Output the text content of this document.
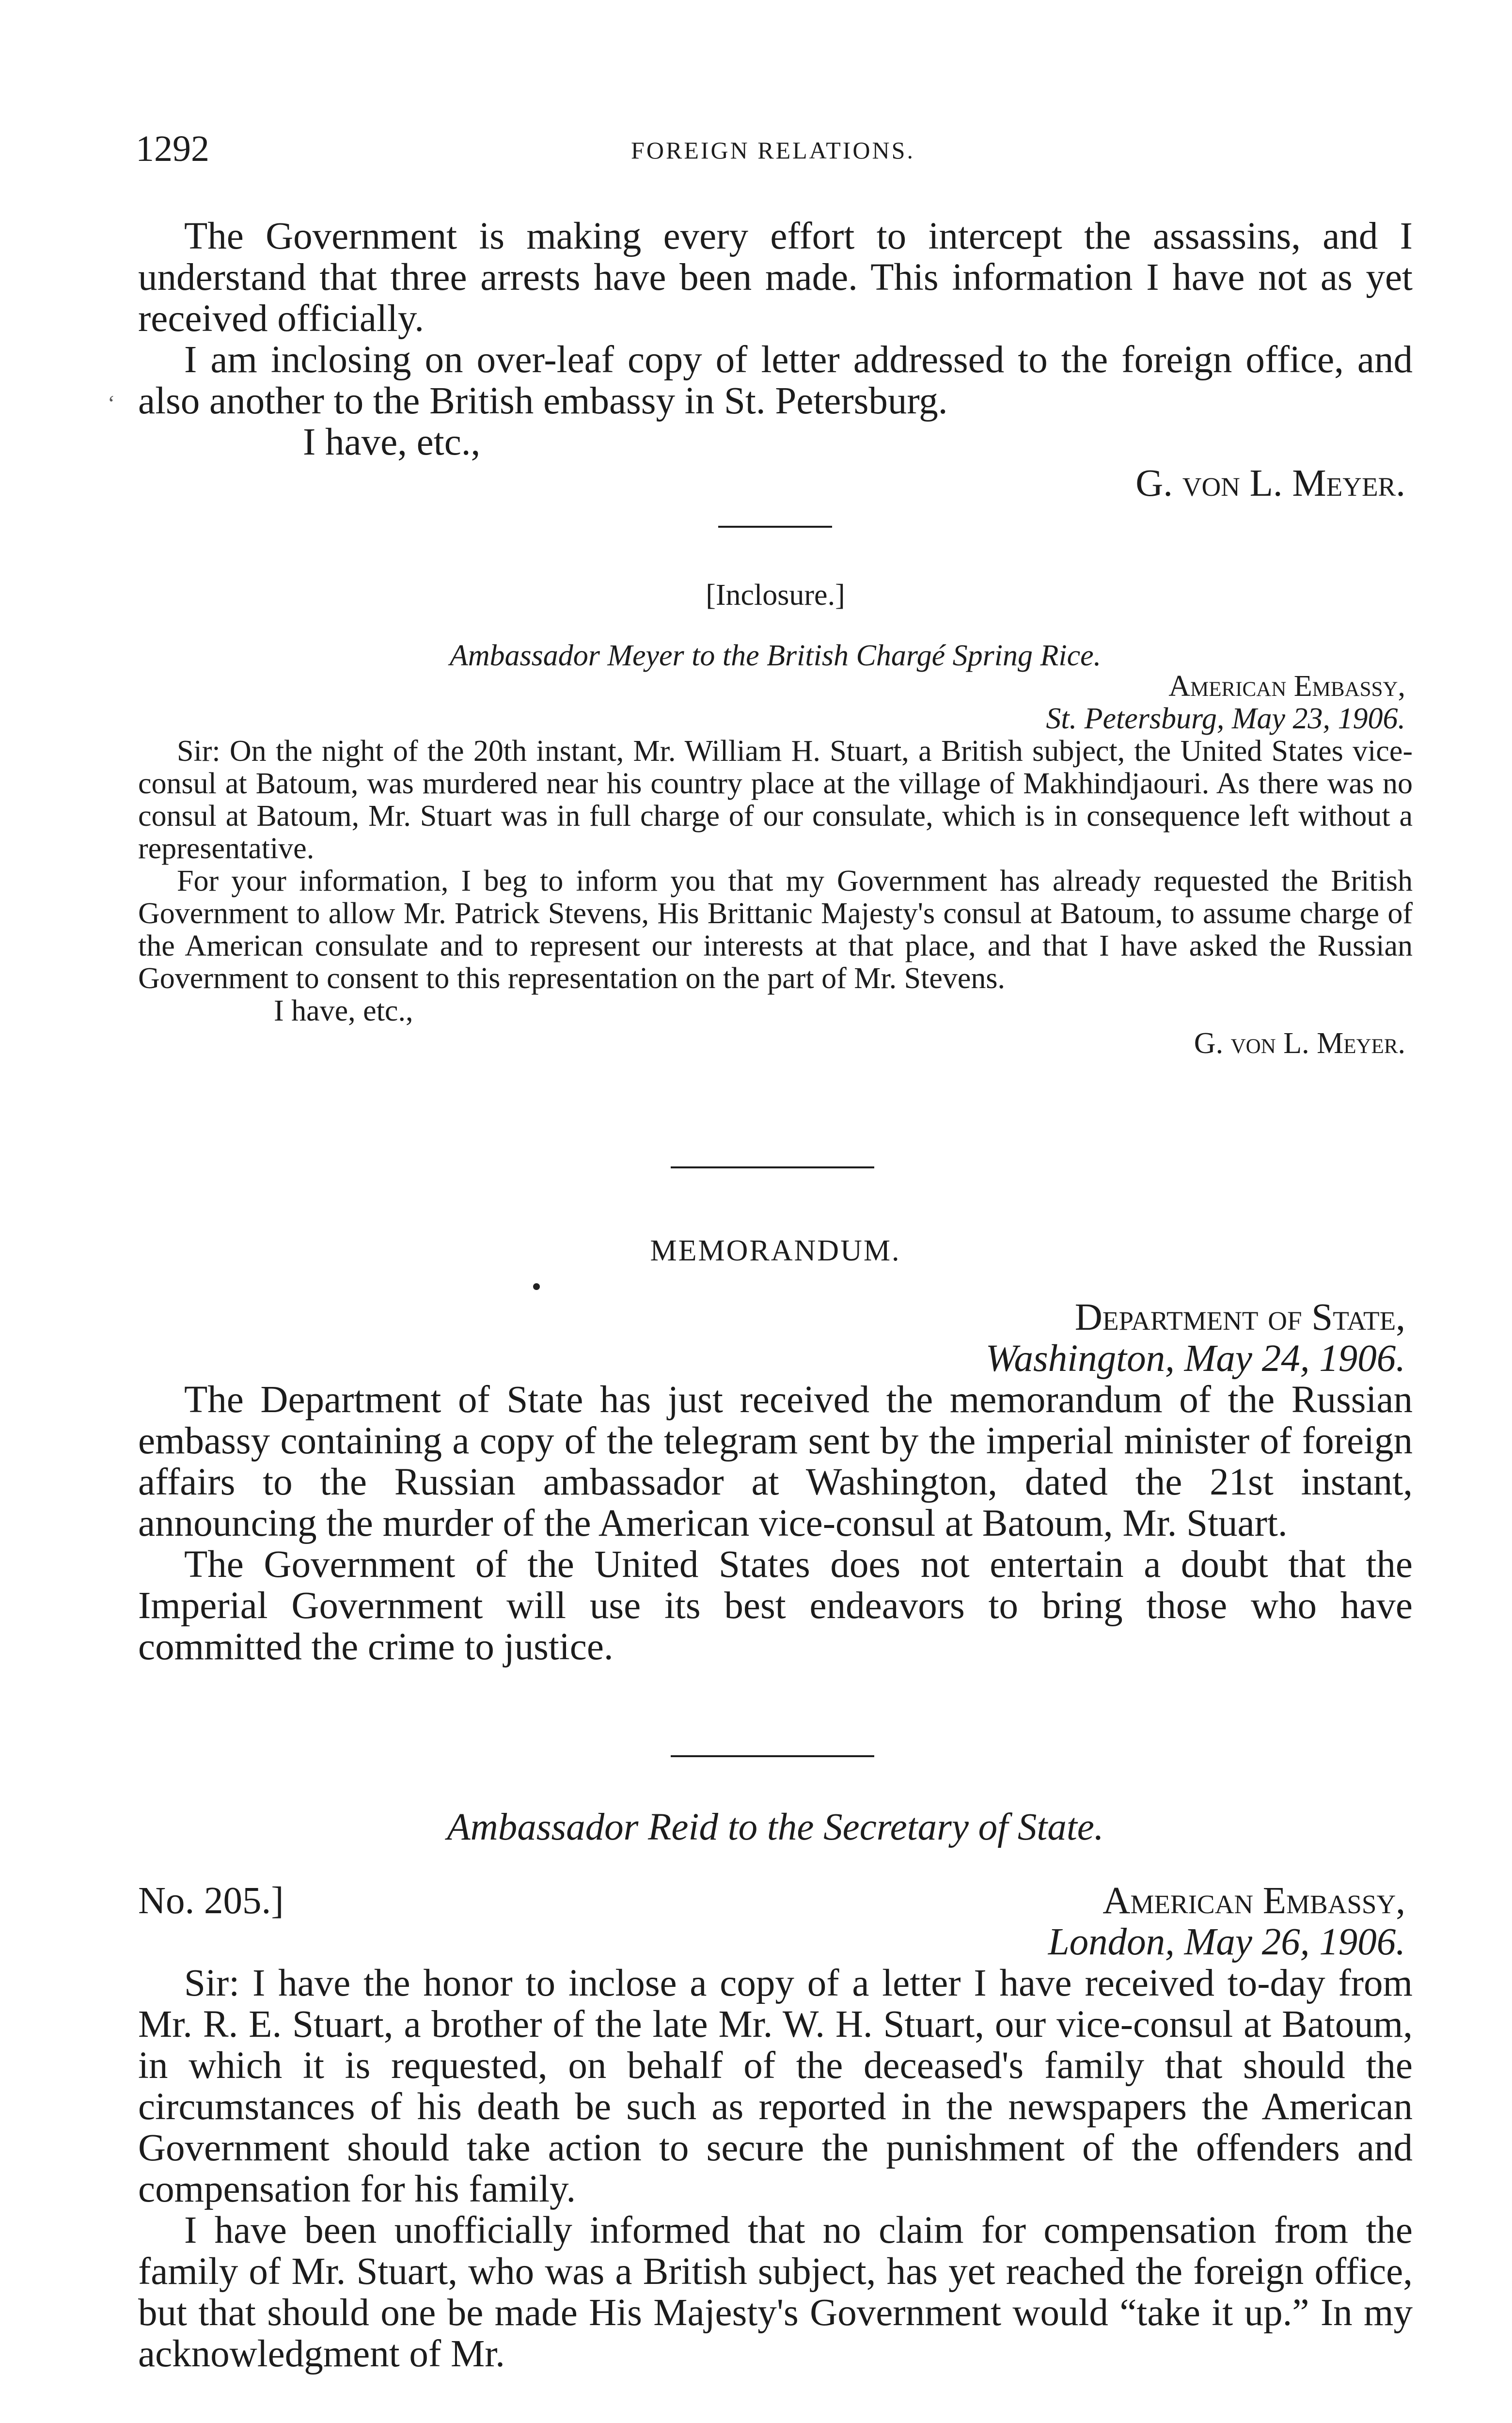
1292	FOREIGN RELATIONS.

The Government is making every effort to intercept the assassins, and I understand that three arrests have been made. This information I have not as yet received officially.

I am inclosing on over-leaf copy of letter addressed to the foreign office, and also another to the British embassy in St. Petersburg.

I have, etc.,

G. von L. Meyer.
‘
[Inclosure.]
Ambassador Meyer to the British Chargé Spring Rice.
American Embassy,
St. Petersburg, May 23, 1906.

Sir: On the night of the 20th instant, Mr. William H. Stuart, a British subject, the United States vice-consul at Batoum, was murdered near his country place at the village of Makhindjaouri. As there was no consul at Batoum, Mr. Stuart was in full charge of our consulate, which is in consequence left without a representative.

For your information, I beg to inform you that my Government has already requested the British Government to allow Mr. Patrick Stevens, His Brittanic Majesty's consul at Batoum, to assume charge of the American consulate and to represent our interests at that place, and that I have asked the Russian Government to consent to this representation on the part of Mr. Stevens.

I have, etc.,

G. von L. Meyer.
MEMORANDUM.
Department of State,
Washington, May 24, 1906.

The Department of State has just received the memorandum of the Russian embassy containing a copy of the telegram sent by the imperial minister of foreign affairs to the Russian ambassador at Washington, dated the 21st instant, announcing the murder of the American vice-consul at Batoum, Mr. Stuart.

The Government of the United States does not entertain a doubt that the Imperial Government will use its best endeavors to bring those who have committed the crime to justice.

Ambassador Reid to the Secretary of State.
No. 205.]	American Embassy,
London, May 26, 1906.

Sir: I have the honor to inclose a copy of a letter I have received to-day from Mr. R. E. Stuart, a brother of the late Mr. W. H. Stuart, our vice-consul at Batoum, in which it is requested, on behalf of the deceased's family that should the circumstances of his death be such as reported in the newspapers the American Government should take action to secure the punishment of the offenders and compensation for his family.

I have been unofficially informed that no claim for compensation from the family of Mr. Stuart, who was a British subject, has yet reached the foreign office, but that should one be made His Majesty's Government would “take it up.” In my acknowledgment of Mr.
